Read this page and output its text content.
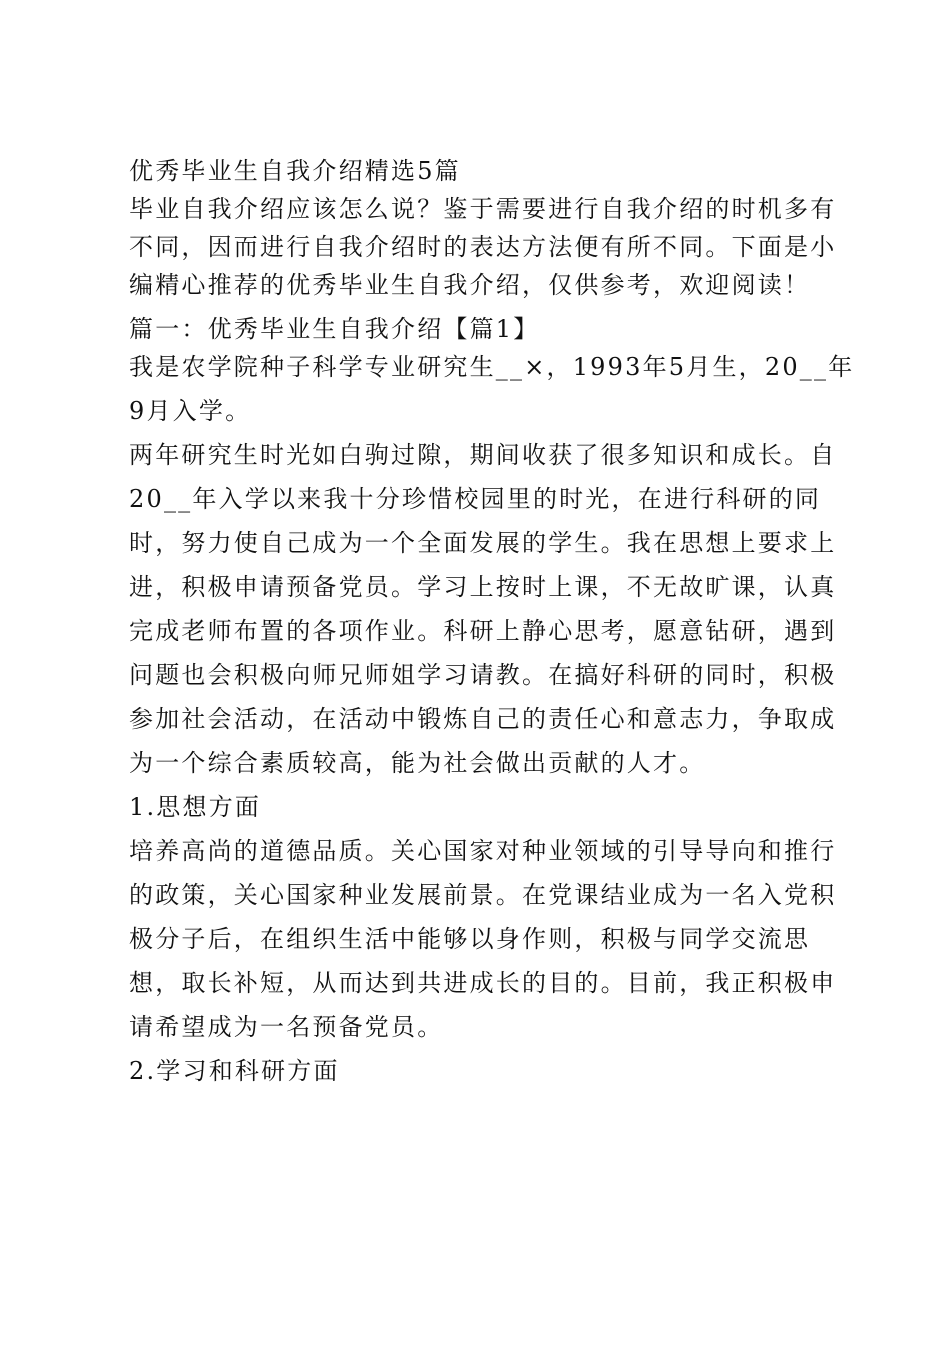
优秀毕业生自我介绍精选5篇
毕业自我介绍应该怎么说？鉴于需要进行自我介绍的时机多有
不同，因而进行自我介绍时的表达方法便有所不同。下面是小
编精心推荐的优秀毕业生自我介绍，仅供参考，欢迎阅读！
篇一：优秀毕业生自我介绍【篇1】
我是农学院种子科学专业研究生__×，1993年5月生，20__年
9月入学。
两年研究生时光如白驹过隙，期间收获了很多知识和成长。自
20__年入学以来我十分珍惜校园里的时光，在进行科研的同
时，努力使自己成为一个全面发展的学生。我在思想上要求上
进，积极申请预备党员。学习上按时上课，不无故旷课，认真
完成老师布置的各项作业。科研上静心思考，愿意钻研，遇到
问题也会积极向师兄师姐学习请教。在搞好科研的同时，积极
参加社会活动，在活动中锻炼自己的责任心和意志力，争取成
为一个综合素质较高，能为社会做出贡献的人才。
1.思想方面
培养高尚的道德品质。关心国家对种业领域的引导导向和推行
的政策，关心国家种业发展前景。在党课结业成为一名入党积
极分子后，在组织生活中能够以身作则，积极与同学交流思
想，取长补短，从而达到共进成长的目的。目前，我正积极申
请希望成为一名预备党员。
2.学习和科研方面
